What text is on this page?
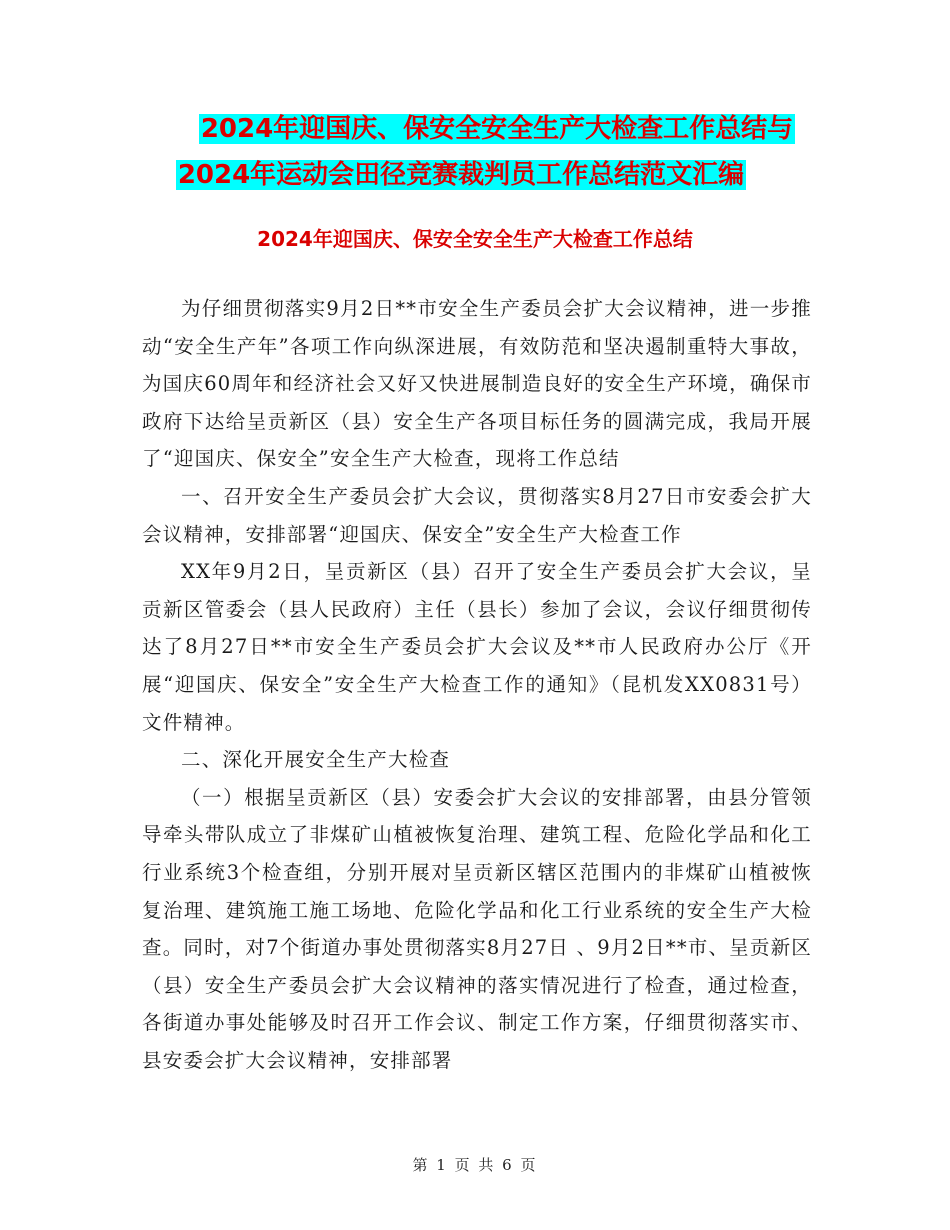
2024年迎国庆、保安全安全生产大检查工作总结与
2024年运动会田径竞赛裁判员工作总结范文汇编
2024年迎国庆、保安全安全生产大检查工作总结

为仔细贯彻落实9月2日**市安全生产委员会扩大会议精神，进一步推动“安全生产年”各项工作向纵深进展，有效防范和坚决遏制重特大事故，为国庆60周年和经济社会又好又快进展制造良好的安全生产环境，确保市政府下达给呈贡新区（县）安全生产各项目标任务的圆满完成，我局开展了“迎国庆、保安全”安全生产大检查，现将工作总结

一、召开安全生产委员会扩大会议，贯彻落实8月27日市安委会扩大会议精神，安排部署“迎国庆、保安全”安全生产大检查工作

XX年9月2日，呈贡新区（县）召开了安全生产委员会扩大会议，呈贡新区管委会（县人民政府）主任（县长）参加了会议，会议仔细贯彻传达了8月27日**市安全生产委员会扩大会议及**市人民政府办公厅《开展“迎国庆、保安全”安全生产大检查工作的通知》（昆机发XX0831号）文件精神。

二、深化开展安全生产大检查

（一）根据呈贡新区（县）安委会扩大会议的安排部署，由县分管领导牵头带队成立了非煤矿山植被恢复治理、建筑工程、危险化学品和化工行业系统3个检查组，分别开展对呈贡新区辖区范围内的非煤矿山植被恢复治理、建筑施工施工场地、危险化学品和化工行业系统的安全生产大检查。同时，对7个街道办事处贯彻落实8月27日 、9月2日**市、呈贡新区（县）安全生产委员会扩大会议精神的落实情况进行了检查，通过检查，各街道办事处能够及时召开工作会议、制定工作方案，仔细贯彻落实市、县安委会扩大会议精神，安排部署

第 1 页 共 6 页
